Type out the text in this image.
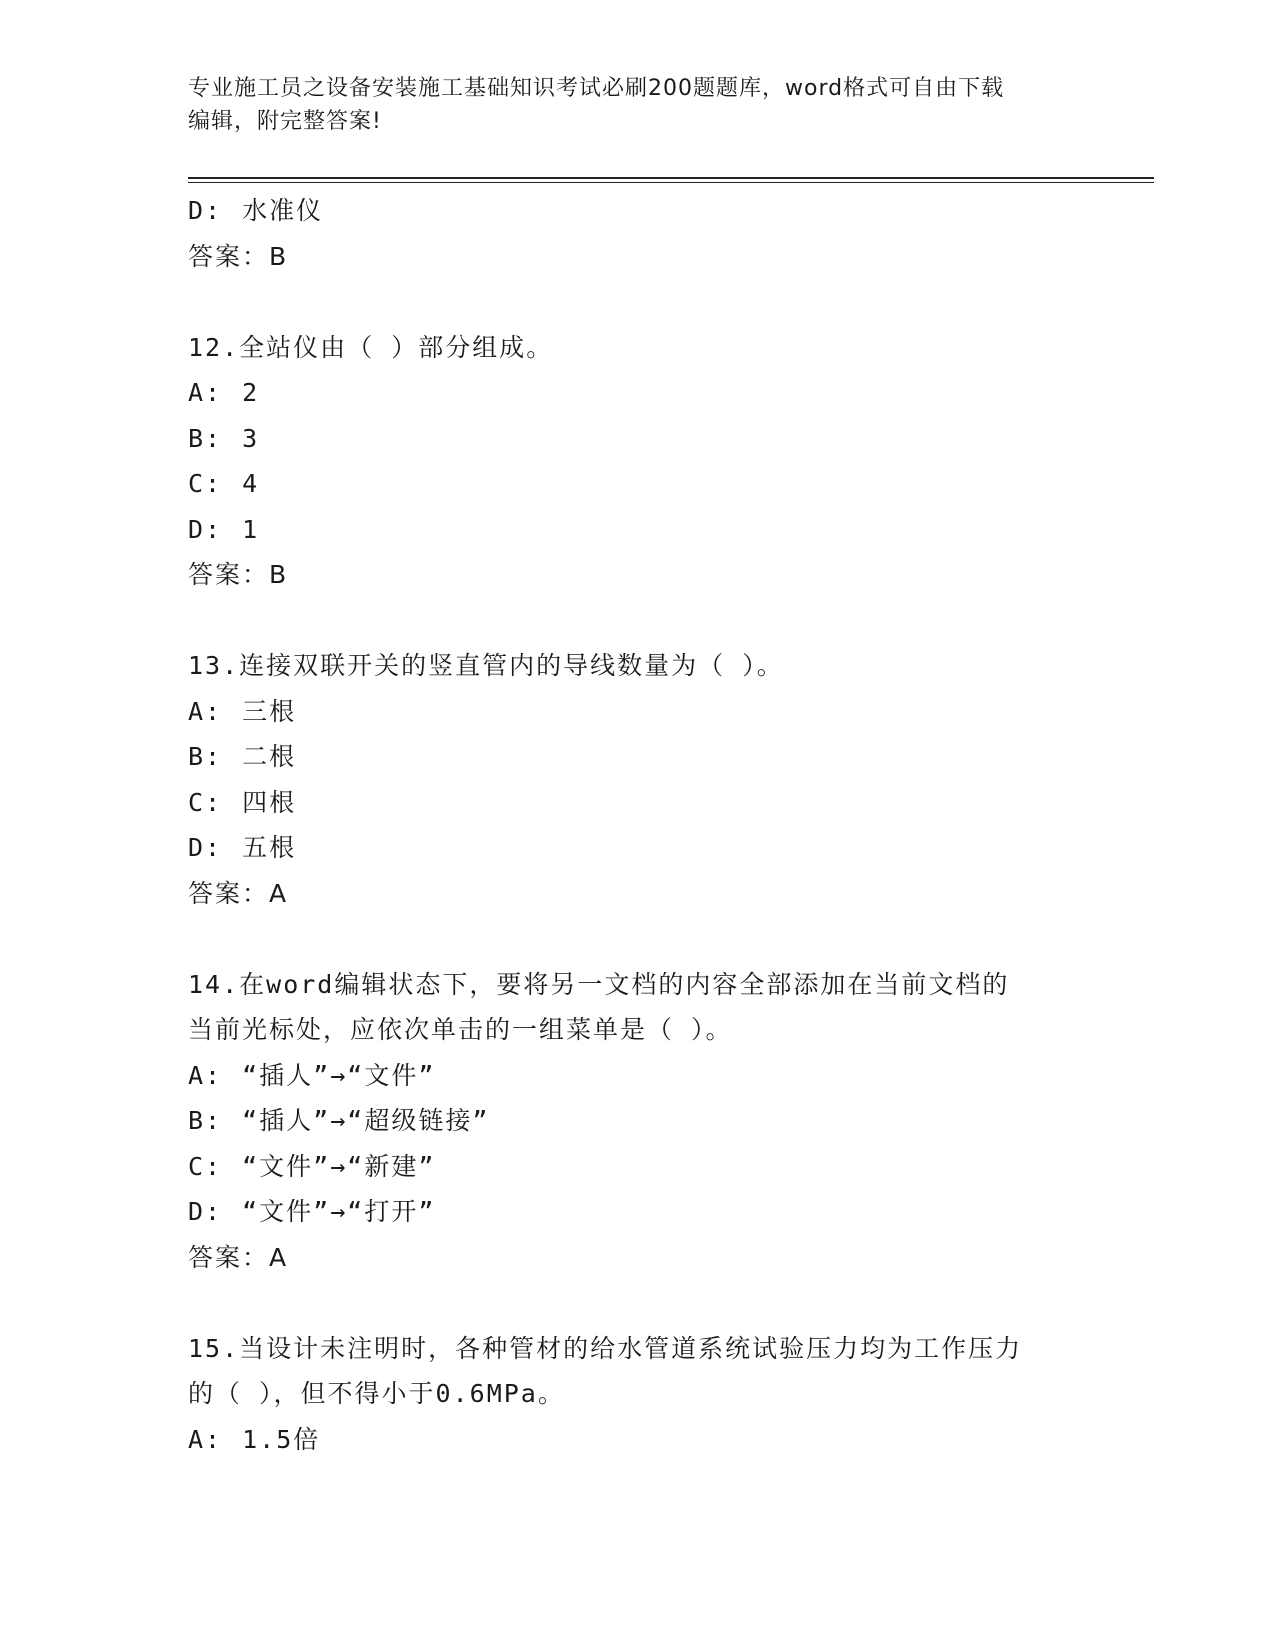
专业施工员之设备安装施工基础知识考试必刷200题题库，word格式可自由下载
编辑，附完整答案!
D: 水准仪
答案：B
12.全站仪由（ ）部分组成。
A: 2
B: 3
C: 4
D: 1
答案：B
13.连接双联开关的竖直管内的导线数量为（ ）。
A: 三根
B: 二根
C: 四根
D: 五根
答案：A
14.在word编辑状态下，要将另一文档的内容全部添加在当前文档的
当前光标处，应依次单击的一组菜单是（ ）。
A: “插人”→“文件”
B: “插人”→“超级链接”
C: “文件”→“新建”
D: “文件”→“打开”
答案：A
15.当设计未注明时，各种管材的给水管道系统试验压力均为工作压力
的（ ），但不得小于0.6MPa。
A: 1.5倍
